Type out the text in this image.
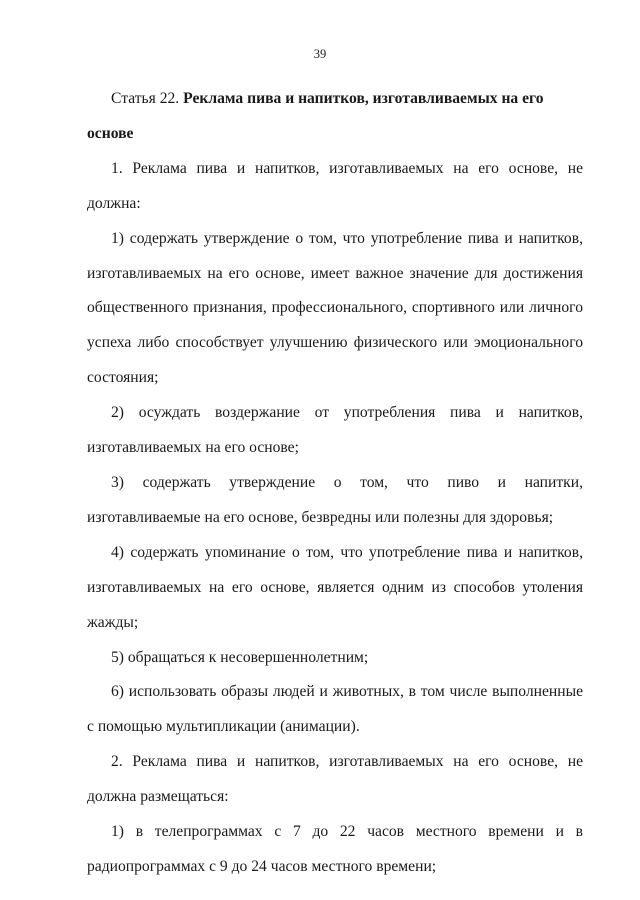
39

Статья 22. Реклама пива и напитков, изготавливаемых на его основе

1. Реклама пива и напитков, изготавливаемых на его основе, не должна:

1) содержать утверждение о том, что употребление пива и напитков, изготавливаемых на его основе, имеет важное значение для достижения общественного признания, профессионального, спортивного или личного успеха либо способствует улучшению физического или эмоционального состояния;

2) осуждать воздержание от употребления пива и напитков, изготавливаемых на его основе;

3) содержать утверждение о том, что пиво и напитки, изготавливаемые на его основе, безвредны или полезны для здоровья;

4) содержать упоминание о том, что употребление пива и напитков, изготавливаемых на его основе, является одним из способов утоления жажды;

5) обращаться к несовершеннолетним;

6) использовать образы людей и животных, в том числе выполненные с помощью мультипликации (анимации).

2. Реклама пива и напитков, изготавливаемых на его основе, не должна размещаться:

1) в телепрограммах с 7 до 22 часов местного времени и в радиопрограммах с 9 до 24 часов местного времени;
